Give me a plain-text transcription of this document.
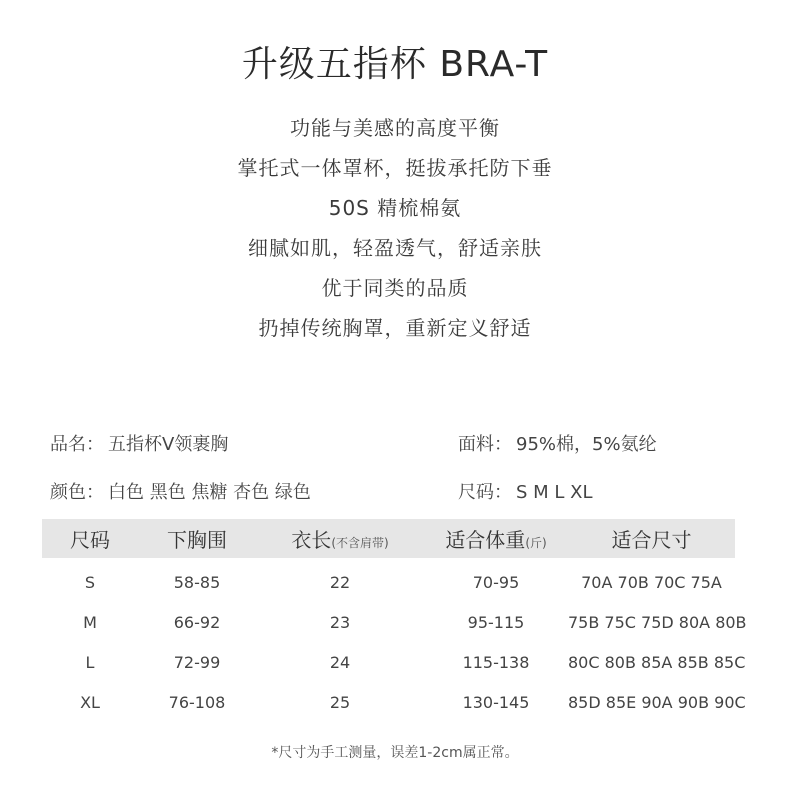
升级五指杯 BRA-T
功能与美感的高度平衡
掌托式一体罩杯，挺拔承托防下垂
50S 精梳棉氨
细腻如肌，轻盈透气，舒适亲肤
优于同类的品质
扔掉传统胸罩，重新定义舒适
品名： 五指杯V领裹胸	面料： 95%棉，5%氨纶
颜色： 白色 黑色 焦糖 杏色 绿色	尺码： S M L XL
尺码	下胸围	衣长(不含肩带)	适合体重(斤)	适合尺寸
S	58-85	22	70-95	70A 70B 70C 75A
M	66-92	23	95-115	75B 75C 75D 80A 80B
L	72-99	24	115-138	80C 80B 85A 85B 85C
XL	76-108	25	130-145	85D 85E 90A 90B 90C
*尺寸为手工测量，误差1-2cm属正常。
